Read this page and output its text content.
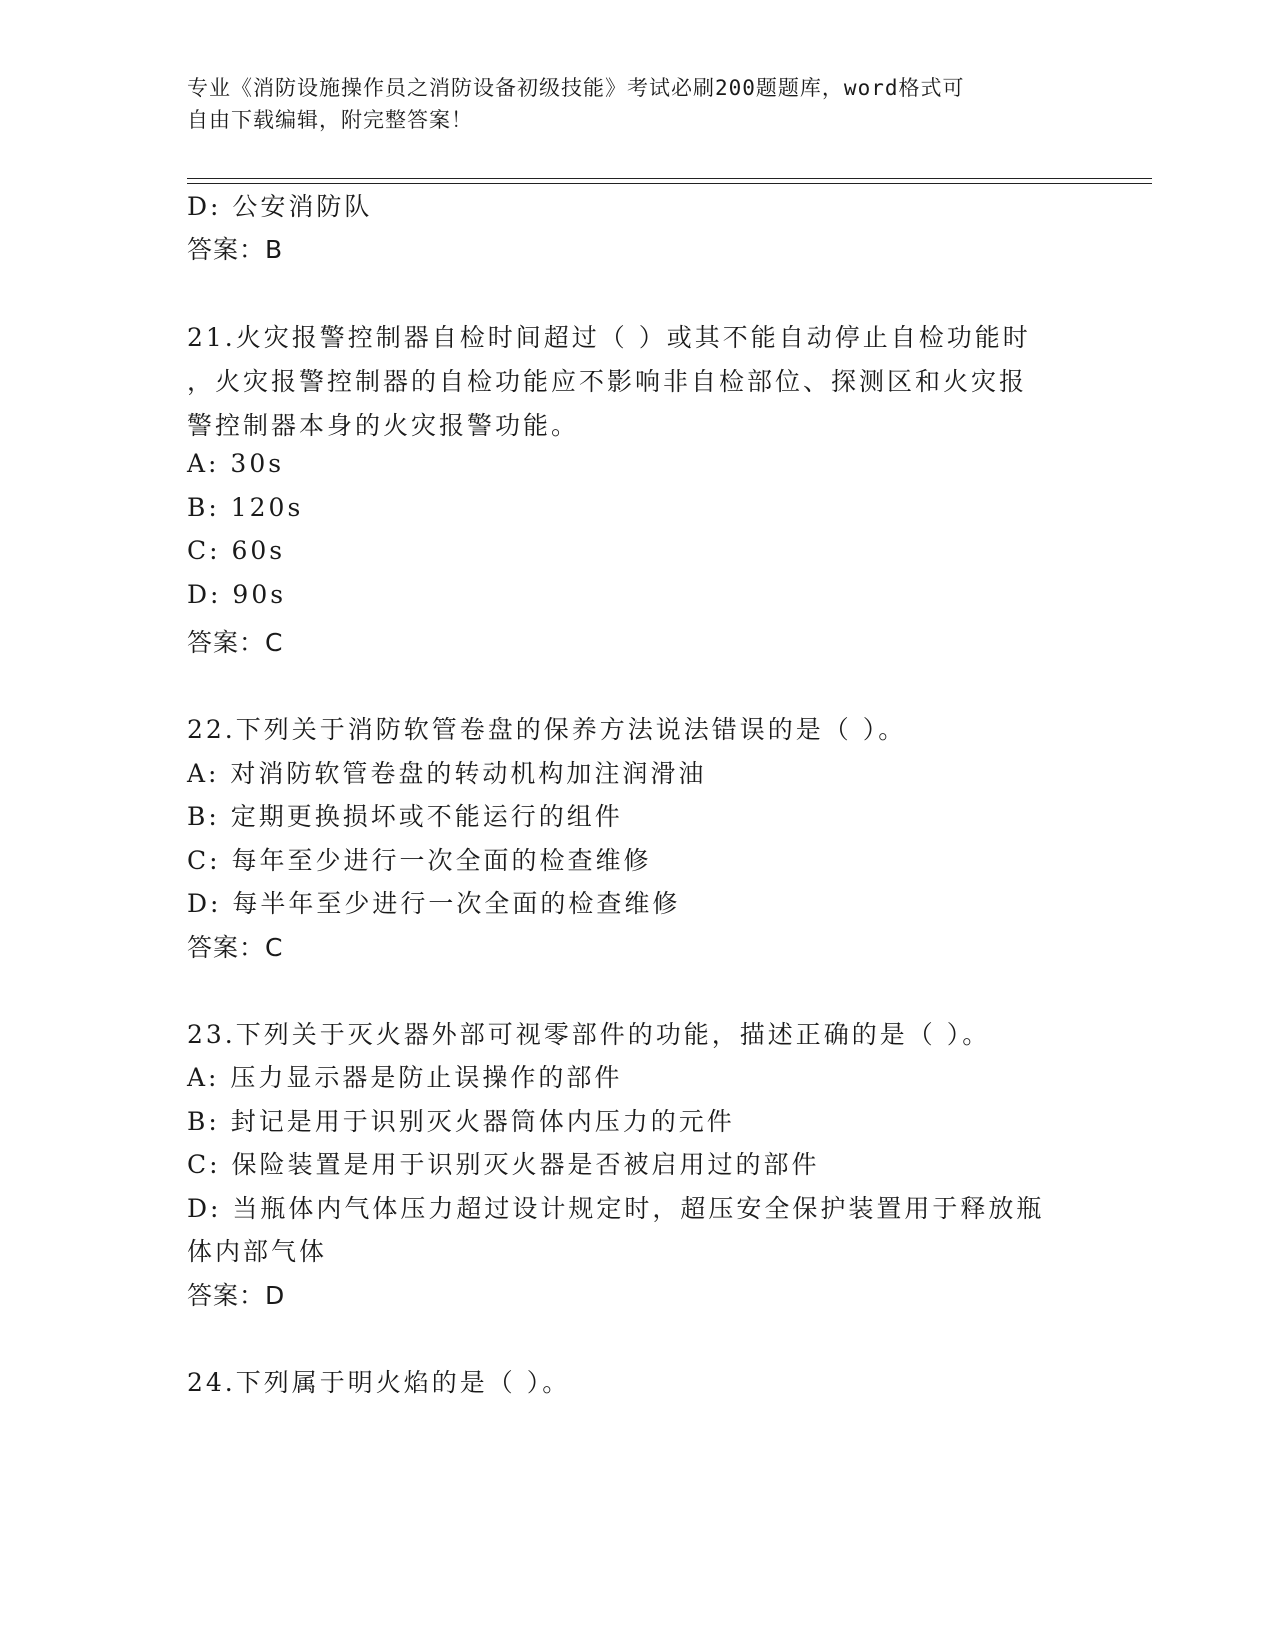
专业《消防设施操作员之消防设备初级技能》考试必刷200题题库，word格式可
自由下载编辑，附完整答案！
D: 公安消防队
答案：B
21.火灾报警控制器自检时间超过（ ）或其不能自动停止自检功能时
，火灾报警控制器的自检功能应不影响非自检部位、探测区和火灾报
警控制器本身的火灾报警功能。
A: 30s
B: 120s
C: 60s
D: 90s
答案：C
22.下列关于消防软管卷盘的保养方法说法错误的是（ ）。
A: 对消防软管卷盘的转动机构加注润滑油
B: 定期更换损坏或不能运行的组件
C: 每年至少进行一次全面的检查维修
D: 每半年至少进行一次全面的检查维修
答案：C
23.下列关于灭火器外部可视零部件的功能，描述正确的是（ ）。
A: 压力显示器是防止误操作的部件
B: 封记是用于识别灭火器筒体内压力的元件
C: 保险装置是用于识别灭火器是否被启用过的部件
D: 当瓶体内气体压力超过设计规定时，超压安全保护装置用于释放瓶
体内部气体
答案：D
24.下列属于明火焰的是（ ）。
